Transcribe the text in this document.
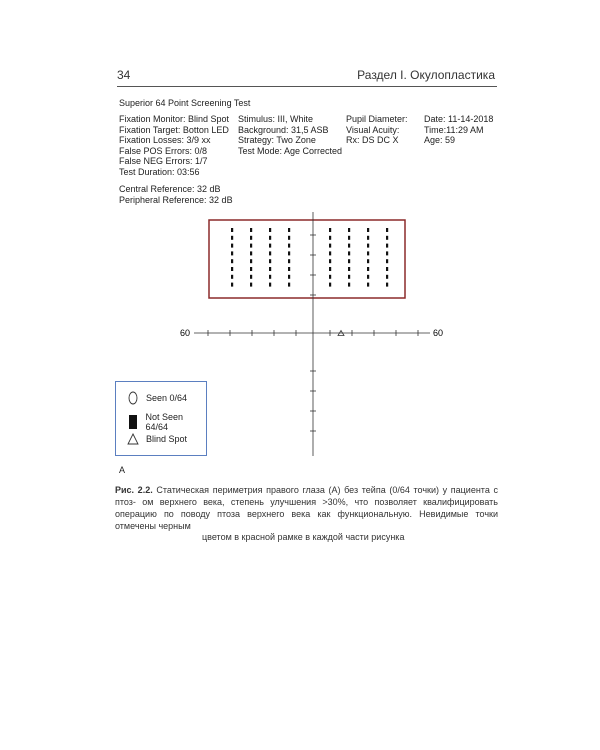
34	Раздел I. Окулопластика
Superior 64 Point Screening Test
Fixation Monitor: Blind Spot
Fixation Target: Botton LED
Fixation Losses: 3/9 xx
False POS Errors: 0/8
False NEG Errors: 1/7
Test Duration: 03:56
Stimulus: III, White
Background: 31,5 ASB
Strategy: Two Zone
Test Mode: Age Corrected
Pupil Diameter:
Visual Acuity:
Rx: DS DC X
Date: 11-14-2018
Time:11:29 AM
Age: 59
Central Reference: 32 dB
Peripheral Reference: 32 dB
60	60
Seen 0/64
Not Seen 64/64
Blind Spot
A
Рис. 2.2. Статическая периметрия правого глаза (А) без тейпа (0/64 точки) у пациента с птоз- ом верхнего века, степень улучшения >30%, что позволяет квалифицировать операцию по поводу птоза верхнего века как функциональную. Невидимые точки отмечены черным
цветом в красной рамке в каждой части рисунка
